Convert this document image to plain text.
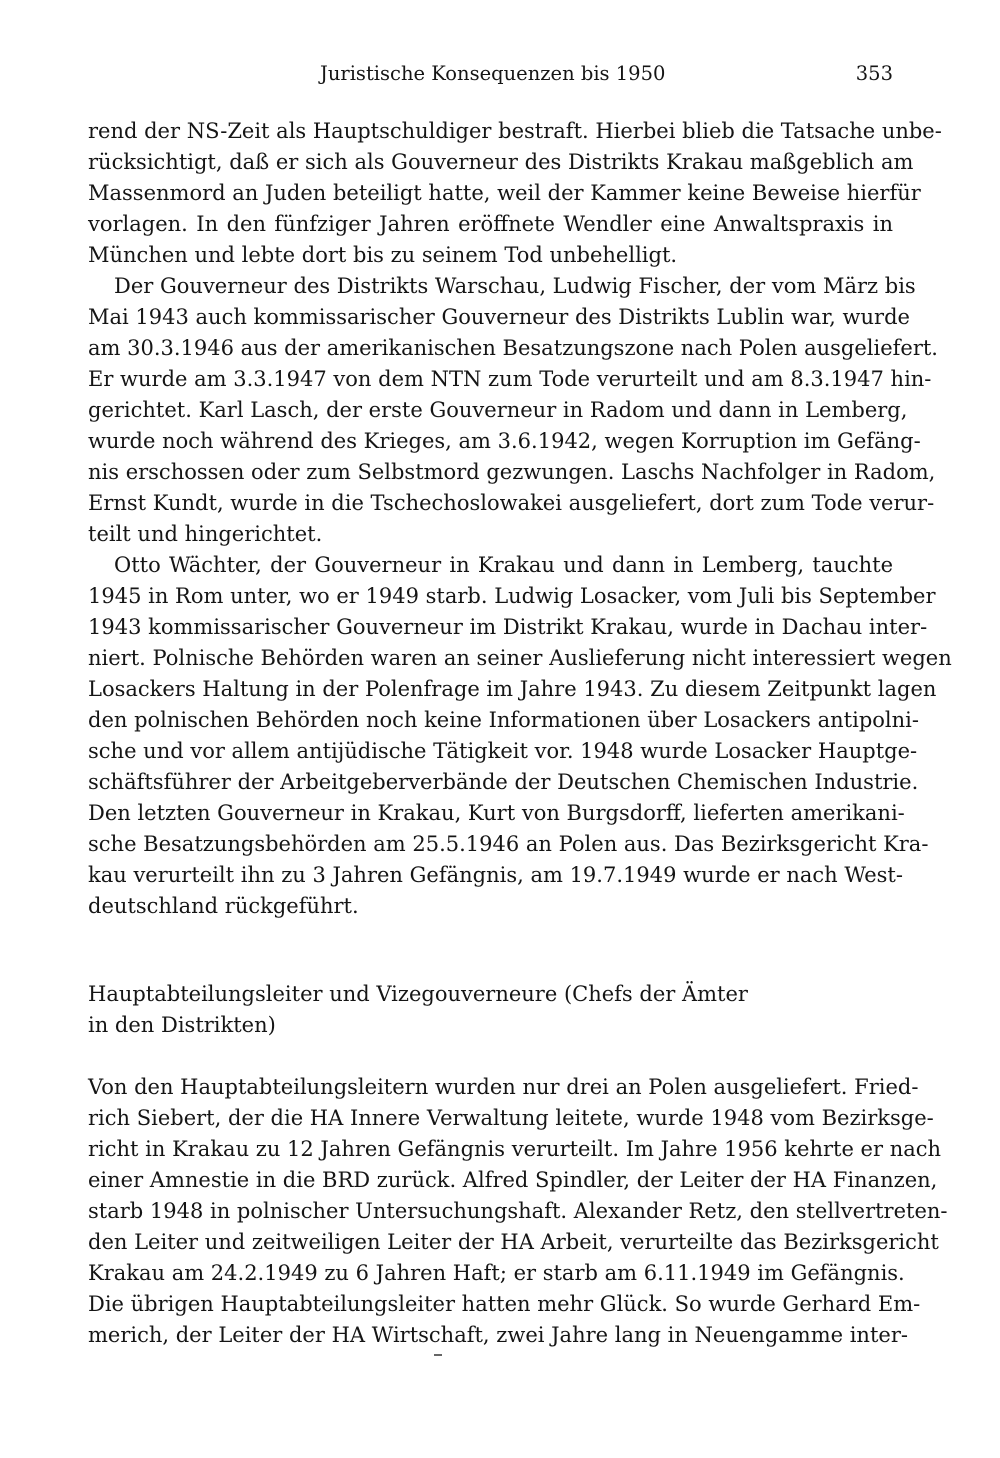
Juristische Konsequenzen bis 1950	353
rend der NS-Zeit als Hauptschuldiger bestraft. Hierbei blieb die Tatsache unbe-
rücksichtigt, daß er sich als Gouverneur des Distrikts Krakau maßgeblich am
Massenmord an Juden beteiligt hatte, weil der Kammer keine Beweise hierfür
vorlagen. In den fünfziger Jahren eröffnete Wendler eine Anwaltspraxis in
München und lebte dort bis zu seinem Tod unbehelligt.
Der Gouverneur des Distrikts Warschau, Ludwig Fischer, der vom März bis
Mai 1943 auch kommissarischer Gouverneur des Distrikts Lublin war, wurde
am 30.3.1946 aus der amerikanischen Besatzungszone nach Polen ausgeliefert.
Er wurde am 3.3.1947 von dem NTN zum Tode verurteilt und am 8.3.1947 hin-
gerichtet. Karl Lasch, der erste Gouverneur in Radom und dann in Lemberg,
wurde noch während des Krieges, am 3.6.1942, wegen Korruption im Gefäng-
nis erschossen oder zum Selbstmord gezwungen. Laschs Nachfolger in Radom,
Ernst Kundt, wurde in die Tschechoslowakei ausgeliefert, dort zum Tode verur-
teilt und hingerichtet.
Otto Wächter, der Gouverneur in Krakau und dann in Lemberg, tauchte
1945 in Rom unter, wo er 1949 starb. Ludwig Losacker, vom Juli bis September
1943 kommissarischer Gouverneur im Distrikt Krakau, wurde in Dachau inter-
niert. Polnische Behörden waren an seiner Auslieferung nicht interessiert wegen
Losackers Haltung in der Polenfrage im Jahre 1943. Zu diesem Zeitpunkt lagen
den polnischen Behörden noch keine Informationen über Losackers antipolni-
sche und vor allem antijüdische Tätigkeit vor. 1948 wurde Losacker Hauptge-
schäftsführer der Arbeitgeberverbände der Deutschen Chemischen Industrie.
Den letzten Gouverneur in Krakau, Kurt von Burgsdorff, lieferten amerikani-
sche Besatzungsbehörden am 25.5.1946 an Polen aus. Das Bezirksgericht Kra-
kau verurteilt ihn zu 3 Jahren Gefängnis, am 19.7.1949 wurde er nach West-
deutschland rückgeführt.
Hauptabteilungsleiter und Vizegouverneure (Chefs der Ämter
in den Distrikten)
Von den Hauptabteilungsleitern wurden nur drei an Polen ausgeliefert. Fried-
rich Siebert, der die HA Innere Verwaltung leitete, wurde 1948 vom Bezirksge-
richt in Krakau zu 12 Jahren Gefängnis verurteilt. Im Jahre 1956 kehrte er nach
einer Amnestie in die BRD zurück. Alfred Spindler, der Leiter der HA Finanzen,
starb 1948 in polnischer Untersuchungshaft. Alexander Retz, den stellvertreten-
den Leiter und zeitweiligen Leiter der HA Arbeit, verurteilte das Bezirksgericht
Krakau am 24.2.1949 zu 6 Jahren Haft; er starb am 6.11.1949 im Gefängnis.
Die übrigen Hauptabteilungsleiter hatten mehr Glück. So wurde Gerhard Em-
merich, der Leiter der HA Wirtschaft, zwei Jahre lang in Neuengamme inter-
